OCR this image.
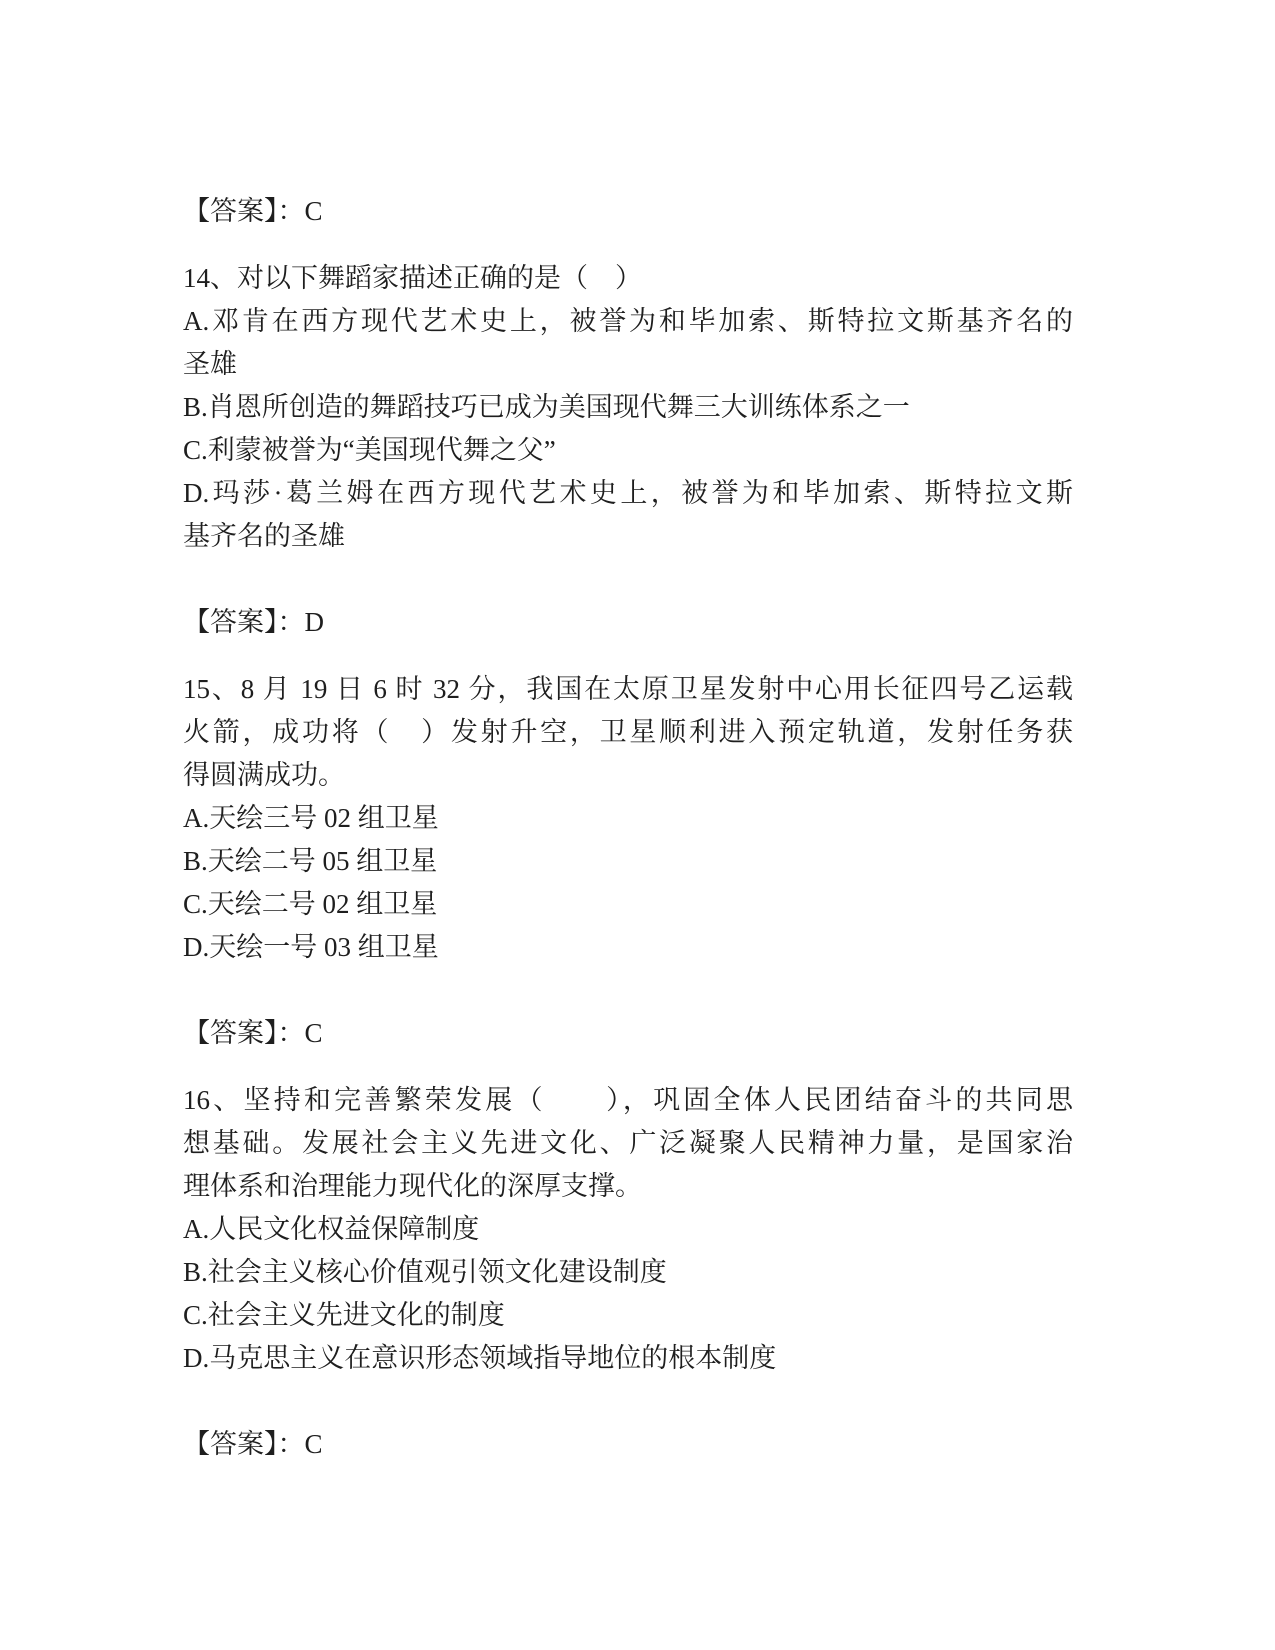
【答案】：C

14、对以下舞蹈家描述正确的是（　）

A.邓肯在西方现代艺术史上，被誉为和毕加索、斯特拉文斯基齐名的

圣雄

B.肖恩所创造的舞蹈技巧已成为美国现代舞三大训练体系之一

C.利蒙被誉为“美国现代舞之父”

D.玛莎·葛兰姆在西方现代艺术史上，被誉为和毕加索、斯特拉文斯

基齐名的圣雄

【答案】：D

15、8 月 19 日 6 时 32 分，我国在太原卫星发射中心用长征四号乙运载

火箭，成功将（　）发射升空，卫星顺利进入预定轨道，发射任务获

得圆满成功。

A.天绘三号 02 组卫星

B.天绘二号 05 组卫星

C.天绘二号 02 组卫星

D.天绘一号 03 组卫星

【答案】：C

16、坚持和完善繁荣发展（　　），巩固全体人民团结奋斗的共同思

想基础。发展社会主义先进文化、广泛凝聚人民精神力量，是国家治

理体系和治理能力现代化的深厚支撑。

A.人民文化权益保障制度

B.社会主义核心价值观引领文化建设制度

C.社会主义先进文化的制度

D.马克思主义在意识形态领域指导地位的根本制度

【答案】：C
